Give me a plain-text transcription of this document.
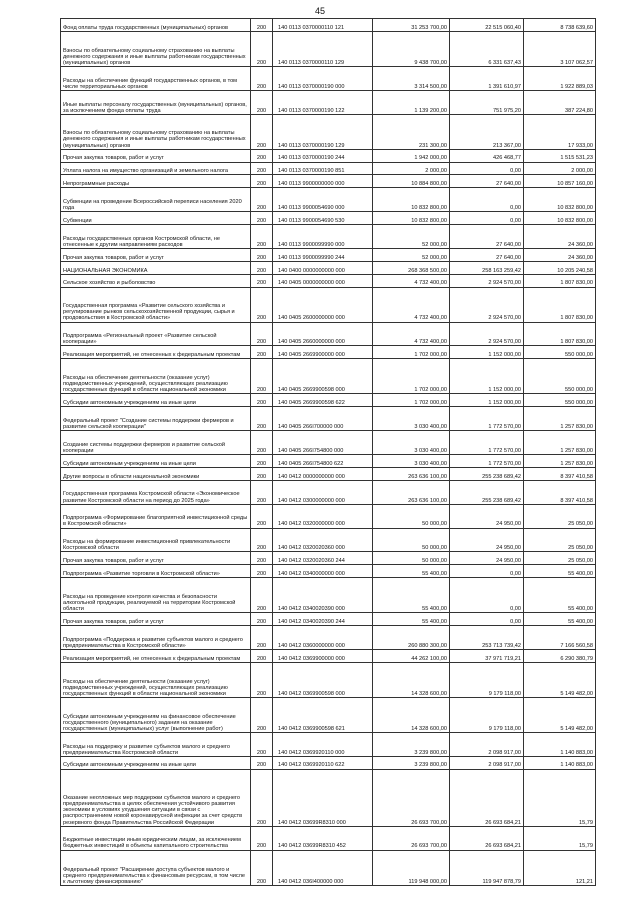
45
Фонд оплаты труда государственных (муниципальных) органов	200	140 0113 0370000110 121	31 253 700,00	22 515 060,40	8 738 639,60
Взносы по обязательному социальному страхованию на выплаты денежного содержания и иные выплаты работникам государственных (муниципальных) органов	200	140 0113 0370000110 129	9 438 700,00	6 331 637,43	3 107 062,57
Расходы на обеспечение функций государственных органов, в том числе территориальных органов	200	140 0113 0370000190 000	3 314 500,00	1 391 610,97	1 922 889,03
Иные выплаты персоналу государственных (муниципальных) органов, за исключением фонда оплаты труда	200	140 0113 0370000190 122	1 139 200,00	751 975,20	387 224,80
Взносы по обязательному социальному страхованию на выплаты денежного содержания и иные выплаты работникам государственных (муниципальных) органов	200	140 0113 0370000190 129	231 300,00	213 367,00	17 933,00
Прочая закупка товаров, работ и услуг	200	140 0113 0370000190 244	1 942 000,00	426 468,77	1 515 531,23
Уплата налога на имущество организаций и земельного налога	200	140 0113 0370000190 851	2 000,00	0,00	2 000,00
Непрограммные расходы	200	140 0113 9900000000 000	10 884 800,00	27 640,00	10 857 160,00
Субвенции на проведение Всероссийской переписи населения 2020 года	200	140 0113 9900054690 000	10 832 800,00	0,00	10 832 800,00
Субвенции	200	140 0113 9900054690 530	10 832 800,00	0,00	10 832 800,00
Расходы государственных органов Костромской области, не отнесенные к другим направлениям расходов	200	140 0113 9900099990 000	52 000,00	27 640,00	24 360,00
Прочая закупка товаров, работ и услуг	200	140 0113 9900099990 244	52 000,00	27 640,00	24 360,00
НАЦИОНАЛЬНАЯ ЭКОНОМИКА	200	140 0400 0000000000 000	268 368 500,00	258 163 259,42	10 205 240,58
Сельское хозяйство и рыболовство	200	140 0405 0000000000 000	4 732 400,00	2 924 570,00	1 807 830,00
Государственная программа «Развитие сельского хозяйства и регулирование рынков сельскохозяйственной продукции, сырья и продовольствия в Костромской области»	200	140 0405 2600000000 000	4 732 400,00	2 924 570,00	1 807 830,00
Подпрограмма «Региональный проект «Развитие сельской кооперации»	200	140 0405 2660000000 000	4 732 400,00	2 924 570,00	1 807 830,00
Реализация мероприятий, не отнесенных к федеральным проектам	200	140 0405 2669900000 000	1 702 000,00	1 152 000,00	550 000,00
Расходы на обеспечение деятельности (оказание услуг) подведомственных учреждений, осуществляющих реализацию государственных функций в области национальной экономики	200	140 0405 2669900598 000	1 702 000,00	1 152 000,00	550 000,00
Субсидии автономным учреждениям на иные цели	200	140 0405 2669900598 622	1 702 000,00	1 152 000,00	550 000,00
Федеральный проект "Создание системы поддержки фермеров и развитие сельской кооперации"	200	140 0405 266I700000 000	3 030 400,00	1 772 570,00	1 257 830,00
Создание системы поддержки фермеров и развитие сельской кооперации	200	140 0405 266I754800 000	3 030 400,00	1 772 570,00	1 257 830,00
Субсидии автономным учреждениям на иные цели	200	140 0405 266I754800 622	3 030 400,00	1 772 570,00	1 257 830,00
Другие вопросы в области национальной экономики	200	140 0412 0000000000 000	263 636 100,00	255 238 689,42	8 397 410,58
Государственная программа Костромской области «Экономическое развитие Костромской области на период до 2025 года»	200	140 0412 0300000000 000	263 636 100,00	255 238 689,42	8 397 410,58
Подпрограмма «Формирование благоприятной инвестиционной среды в Костромской области»	200	140 0412 0320000000 000	50 000,00	24 950,00	25 050,00
Расходы на формирование инвестиционной привлекательности Костромской области	200	140 0412 0320020360 000	50 000,00	24 950,00	25 050,00
Прочая закупка товаров, работ и услуг	200	140 0412 0320020360 244	50 000,00	24 950,00	25 050,00
Подпрограмма «Развитие торговли в Костромской области»	200	140 0412 0340000000 000	55 400,00	0,00	55 400,00
Расходы на проведение контроля качества и безопасности алкогольной продукции, реализуемой на территории Костромской области	200	140 0412 0340020390 000	55 400,00	0,00	55 400,00
Прочая закупка товаров, работ и услуг	200	140 0412 0340020390 244	55 400,00	0,00	55 400,00
Подпрограмма «Поддержка и развитие субъектов малого и среднего предпринимательства в Костромской области»	200	140 0412 0360000000 000	260 880 300,00	253 713 739,42	7 166 560,58
Реализация мероприятий, не отнесенных к федеральным проектам	200	140 0412 0369900000 000	44 262 100,00	37 971 719,21	6 290 380,79
Расходы на обеспечение деятельности (оказание услуг) подведомственных учреждений, осуществляющих реализацию государственных функций в области национальной экономики	200	140 0412 0369900598 000	14 328 600,00	9 179 118,00	5 149 482,00
Субсидии автономным учреждениям на финансовое обеспечение государственного (муниципального) задания на оказание государственных (муниципальных) услуг (выполнение работ)	200	140 0412 0369900598 621	14 328 600,00	9 179 118,00	5 149 482,00
Расходы на поддержку и развитие субъектов малого и среднего предпринимательства Костромской области	200	140 0412 0369920110 000	3 239 800,00	2 098 917,00	1 140 883,00
Субсидии автономным учреждениям на иные цели	200	140 0412 0369920110 622	3 239 800,00	2 098 917,00	1 140 883,00
Оказание неотложных мер поддержки субъектов малого и среднего предпринимательства в целях обеспечения устойчивого развития экономики в условиях ухудшения ситуации в связи с распространением новой коронавирусной инфекции за счет средств резервного фонда Правительства Российской Федерации	200	140 0412 03699R8310 000	26 693 700,00	26 693 684,21	15,79
Бюджетные инвестиции иным юридическим лицам, за исключением бюджетных инвестиций в объекты капитального строительства	200	140 0412 03699R8310 452	26 693 700,00	26 693 684,21	15,79
Федеральный проект "Расширение доступа субъектов малого и среднего предпринимательства к финансовым ресурсам, в том числе к льготному финансированию"	200	140 0412 036I400000 000	119 948 000,00	119 947 878,79	121,21
